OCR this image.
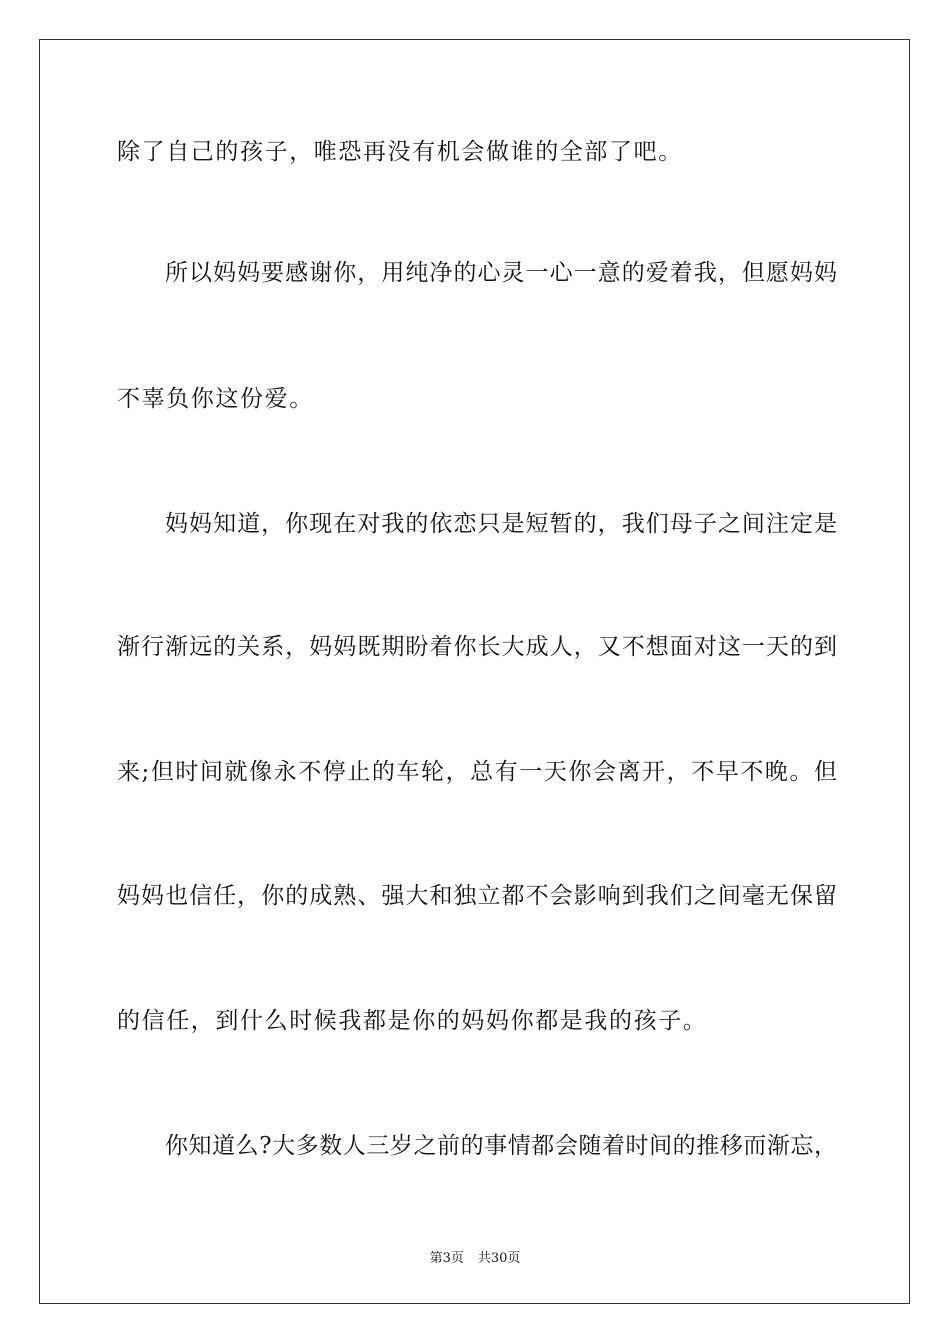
除了自己的孩子，唯恐再没有机会做谁的全部了吧。
所以妈妈要感谢你，用纯净的心灵一心一意的爱着我，但愿妈妈
不辜负你这份爱。
妈妈知道，你现在对我的依恋只是短暂的，我们母子之间注定是
渐行渐远的关系，妈妈既期盼着你长大成人，又不想面对这一天的到
来;但时间就像永不停止的车轮，总有一天你会离开，不早不晚。但
妈妈也信任，你的成熟、强大和独立都不会影响到我们之间毫无保留
的信任，到什么时候我都是你的妈妈你都是我的孩子。
你知道么?大多数人三岁之前的事情都会随着时间的推移而渐忘，
第3页 共30页
